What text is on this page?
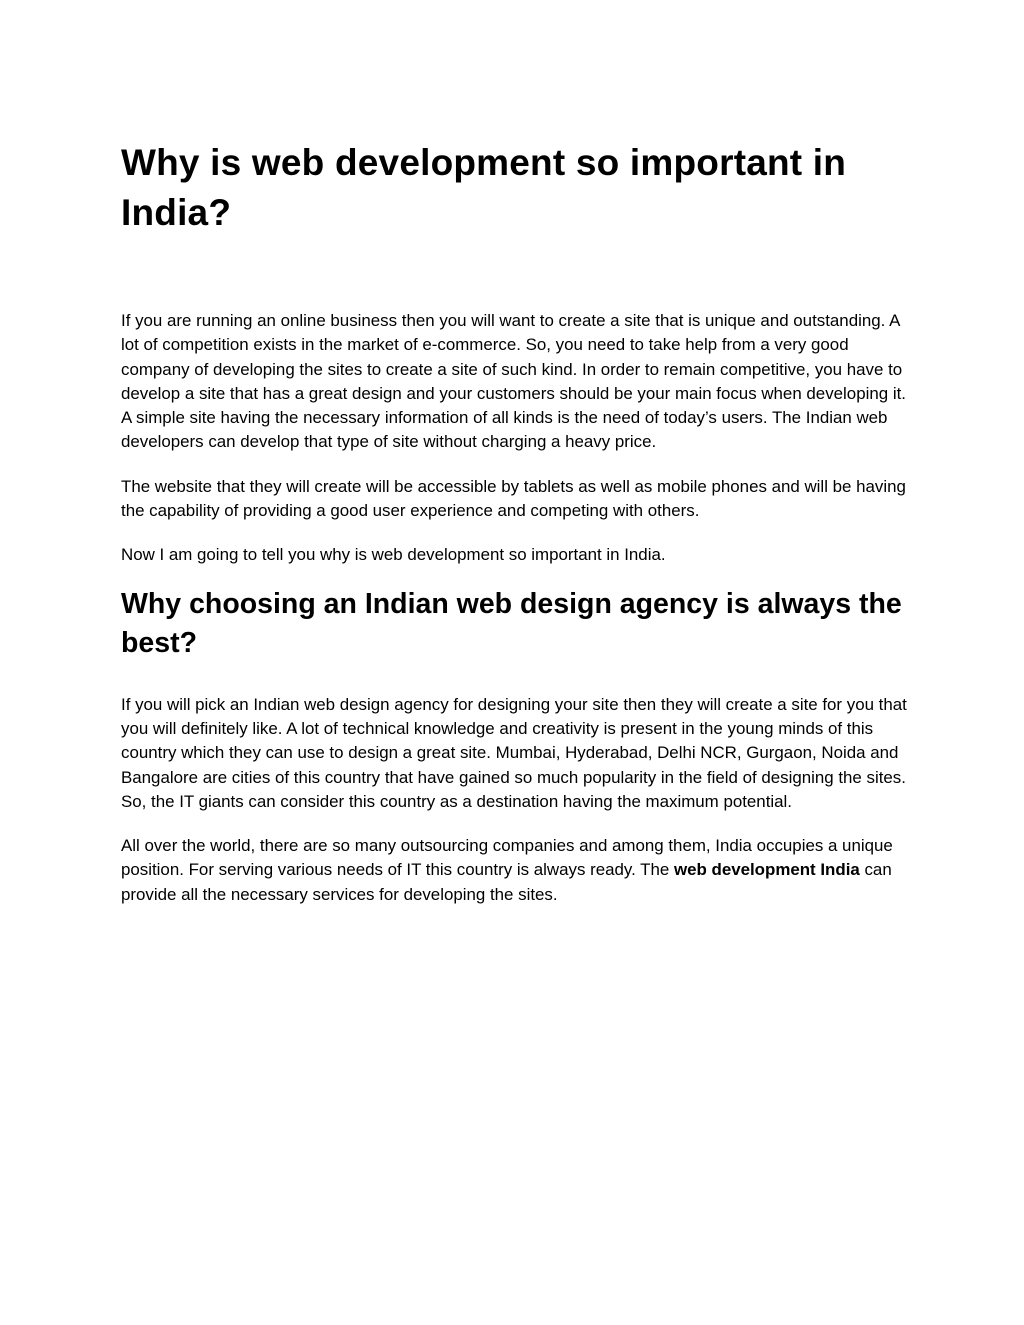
Why is web development so important in India?

If you are running an online business then you will want to create a site that is unique and outstanding. A lot of competition exists in the market of e-commerce. So, you need to take help from a very good company of developing the sites to create a site of such kind. In order to remain competitive, you have to develop a site that has a great design and your customers should be your main focus when developing it. A simple site having the necessary information of all kinds is the need of today’s users. The Indian web developers can develop that type of site without charging a heavy price.

The website that they will create will be accessible by tablets as well as mobile phones and will be having the capability of providing a good user experience and competing with others.

Now I am going to tell you why is web development so important in India.

Why choosing an Indian web design agency is always the best?

If you will pick an Indian web design agency for designing your site then they will create a site for you that you will definitely like. A lot of technical knowledge and creativity is present in the young minds of this country which they can use to design a great site. Mumbai, Hyderabad, Delhi NCR, Gurgaon, Noida and Bangalore are cities of this country that have gained so much popularity in the field of designing the sites. So, the IT giants can consider this country as a destination having the maximum potential.

All over the world, there are so many outsourcing companies and among them, India occupies a unique position. For serving various needs of IT this country is always ready. The web development India can provide all the necessary services for developing the sites.
